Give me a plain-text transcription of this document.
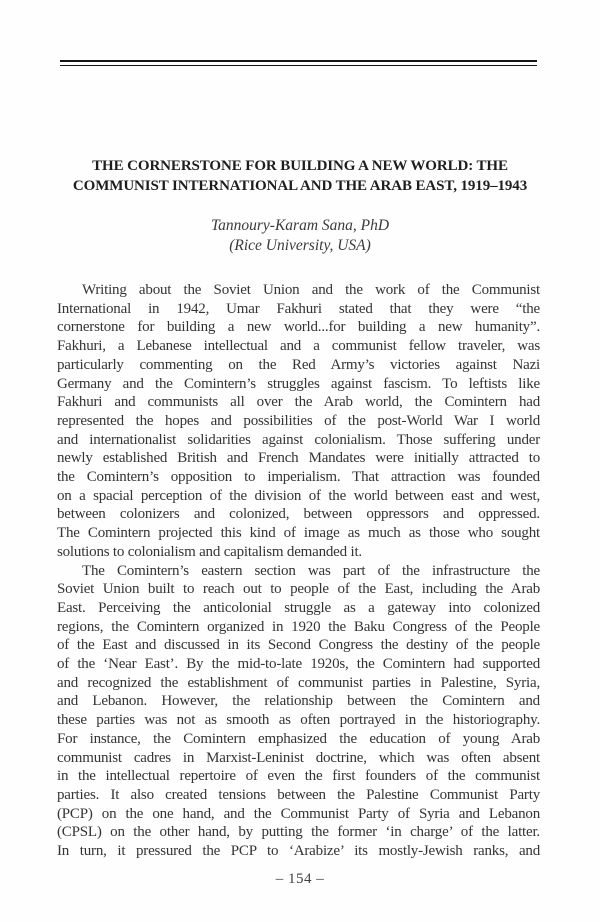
THE CORNERSTONE FOR BUILDING A NEW WORLD: THE
COMMUNIST INTERNATIONAL AND THE ARAB EAST, 1919–1943
Tannoury-Karam Sana, PhD
(Rice University, USA)
Writing about the Soviet Union and the work of the Communist
International in 1942, Umar Fakhuri stated that they were “the
cornerstone for building a new world...for building a new humanity”.
Fakhuri, a Lebanese intellectual and a communist fellow traveler, was
particularly commenting on the Red Army’s victories against Nazi
Germany and the Comintern’s struggles against fascism. To leftists like
Fakhuri and communists all over the Arab world, the Comintern had
represented the hopes and possibilities of the post-World War I world
and internationalist solidarities against colonialism. Those suffering under
newly established British and French Mandates were initially attracted to
the Comintern’s opposition to imperialism. That attraction was founded
on a spacial perception of the division of the world between east and west,
between colonizers and colonized, between oppressors and oppressed.
The Comintern projected this kind of image as much as those who sought
solutions to colonialism and capitalism demanded it.
The Comintern’s eastern section was part of the infrastructure the
Soviet Union built to reach out to people of the East, including the Arab
East. Perceiving the anticolonial struggle as a gateway into colonized
regions, the Comintern organized in 1920 the Baku Congress of the People
of the East and discussed in its Second Congress the destiny of the people
of the ‘Near East’. By the mid-to-late 1920s, the Comintern had supported
and recognized the establishment of communist parties in Palestine, Syria,
and Lebanon. However, the relationship between the Comintern and
these parties was not as smooth as often portrayed in the historiography.
For instance, the Comintern emphasized the education of young Arab
communist cadres in Marxist-Leninist doctrine, which was often absent
in the intellectual repertoire of even the first founders of the communist
parties. It also created tensions between the Palestine Communist Party
(PCP) on the one hand, and the Communist Party of Syria and Lebanon
(CPSL) on the other hand, by putting the former ‘in charge’ of the latter.
In turn, it pressured the PCP to ‘Arabize’ its mostly-Jewish ranks, and
– 154 –
